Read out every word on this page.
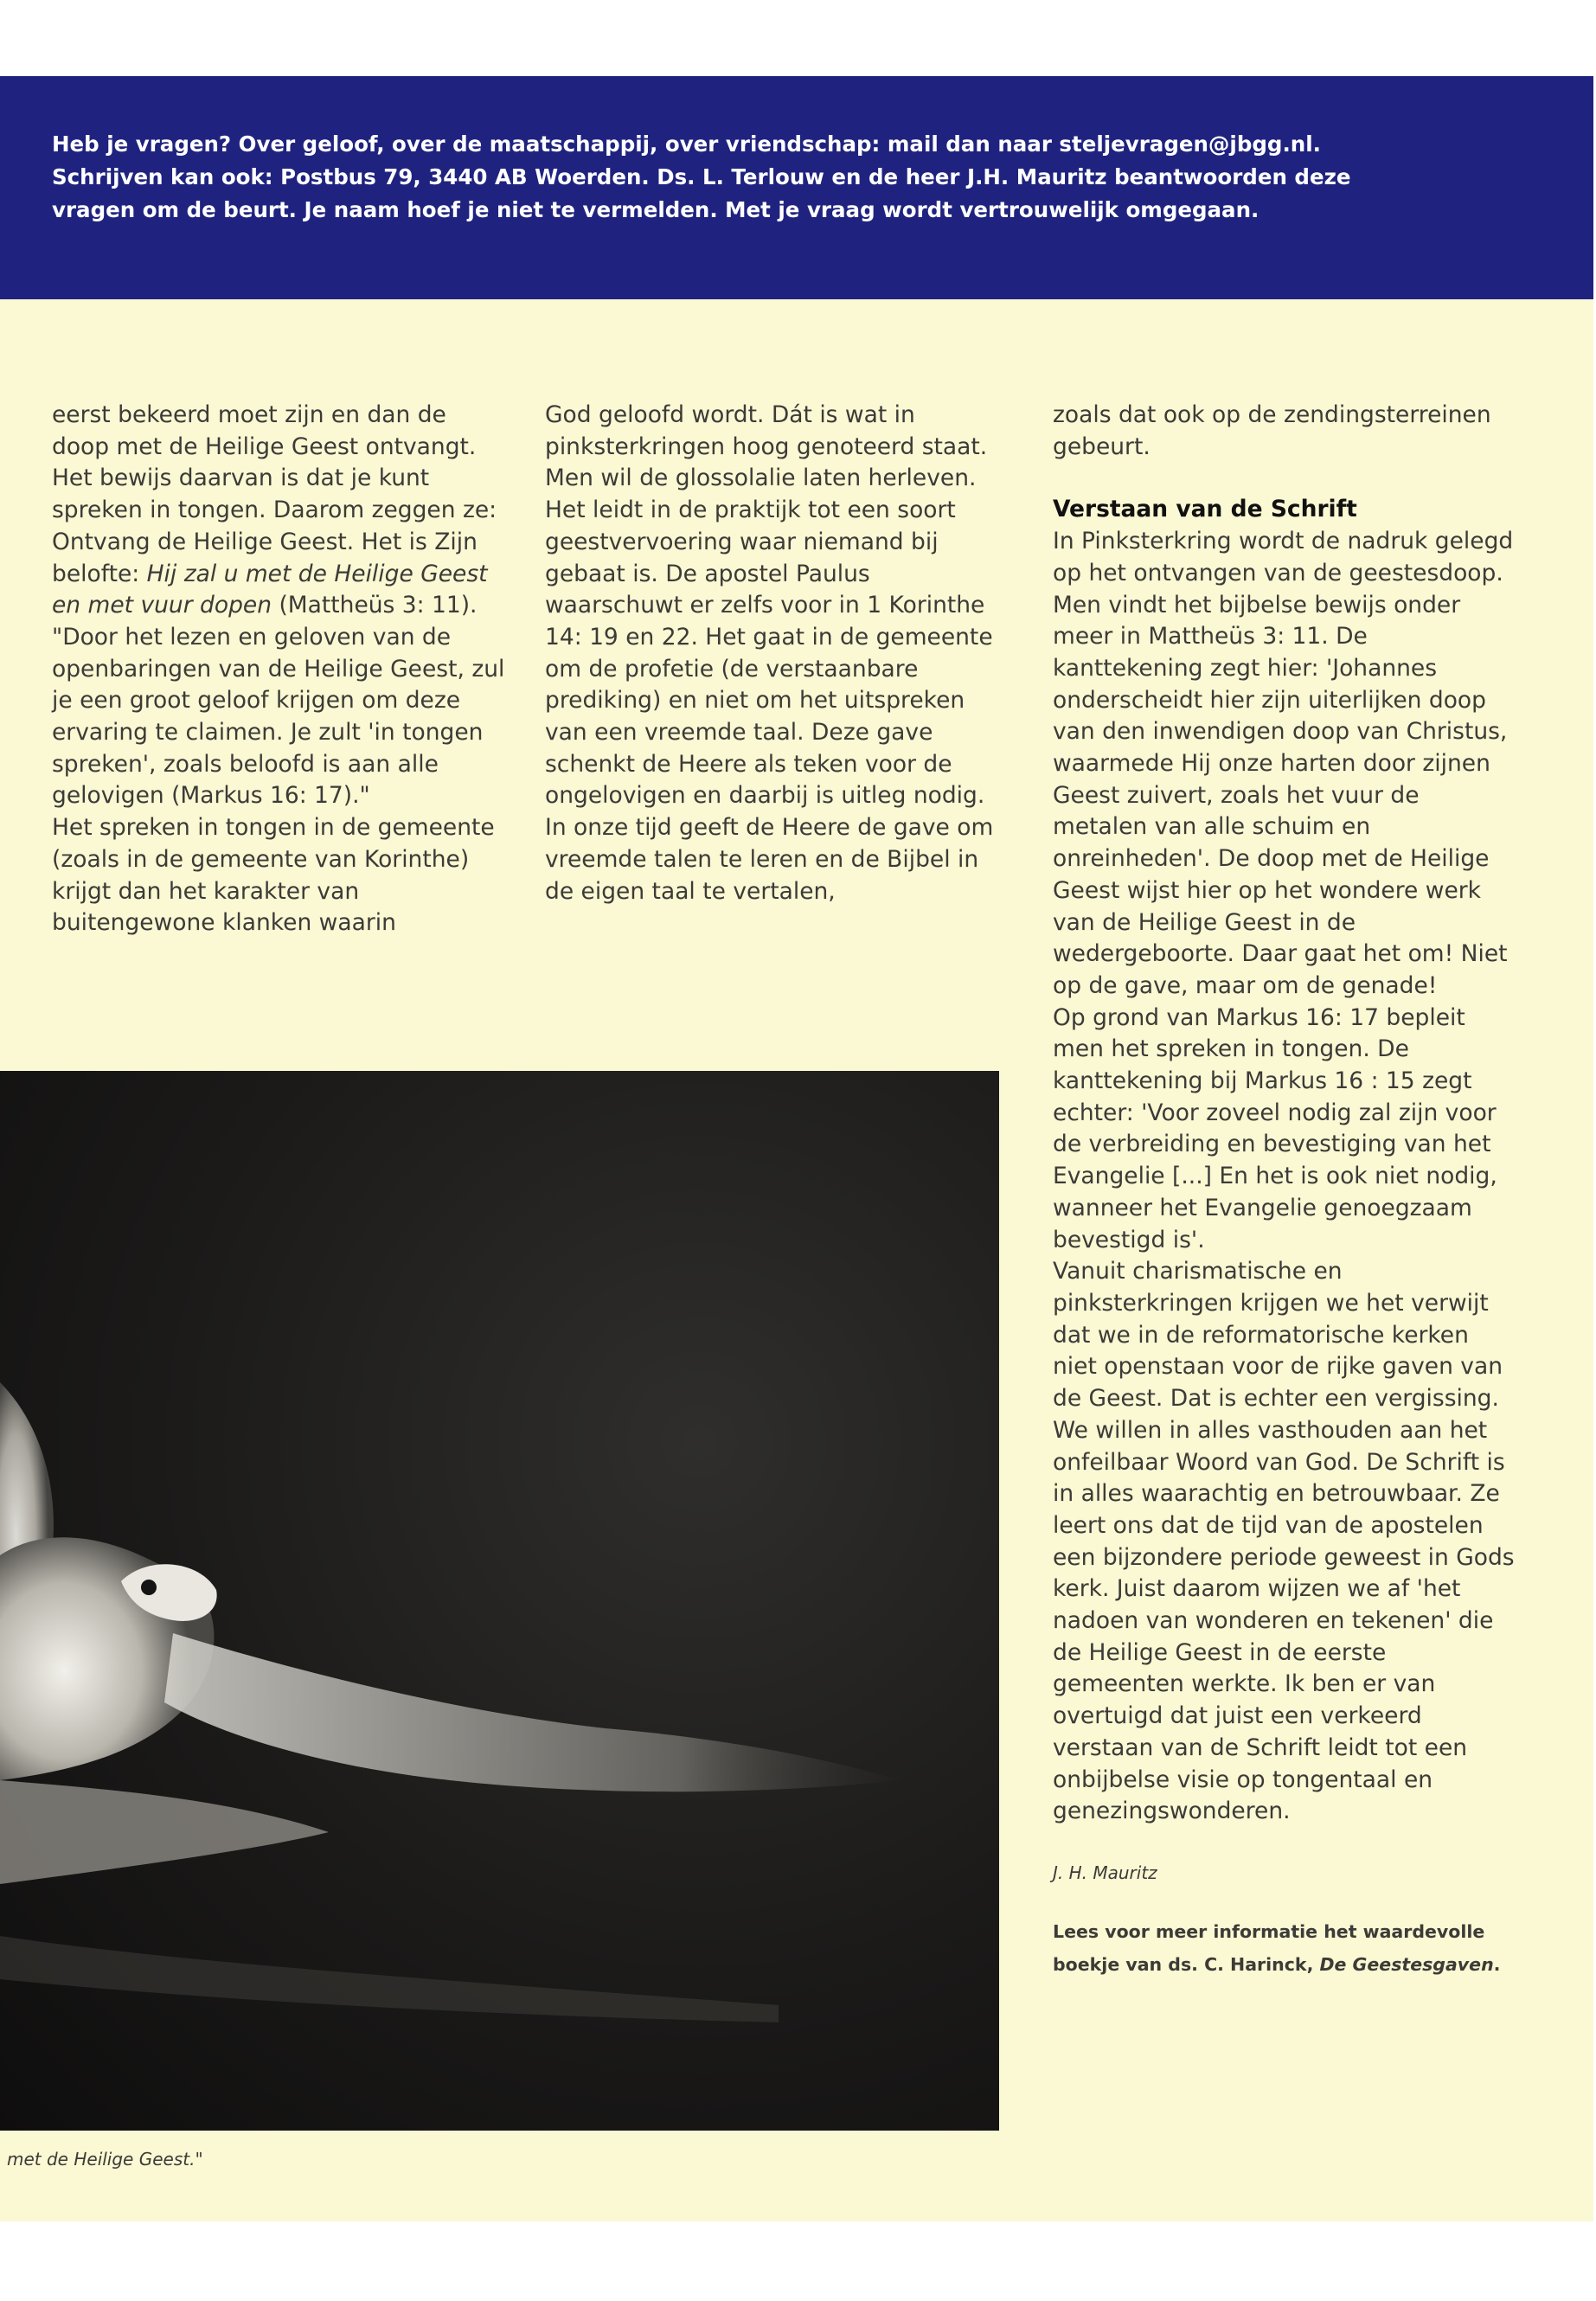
Heb je vragen? Over geloof, over de maatschappij, over vriendschap: mail dan naar steljevragen@jbgg.nl. Schrijven kan ook: Postbus 79, 3440 AB Woerden. Ds. L. Terlouw en de heer J.H. Mauritz beantwoorden deze vragen om de beurt. Je naam hoef je niet te vermelden. Met je vraag wordt vertrouwelijk omgegaan.

eerst bekeerd moet zijn en dan de doop met de Heilige Geest ontvangt. Het bewijs daarvan is dat je kunt spreken in tongen. Daarom zeggen ze: Ontvang de Heilige Geest. Het is Zijn belofte: Hij zal u met de Heilige Geest en met vuur dopen (Mattheüs 3: 11). "Door het lezen en geloven van de openbaringen van de Heilige Geest, zul je een groot geloof krijgen om deze ervaring te claimen. Je zult 'in tongen spreken', zoals beloofd is aan alle gelovigen (Markus 16: 17)."

Het spreken in tongen in de gemeente (zoals in de gemeente van Korinthe) krijgt dan het karakter van buitengewone klanken waarin

God geloofd wordt. Dát is wat in pinksterkringen hoog genoteerd staat. Men wil de glossolalie laten herleven. Het leidt in de praktijk tot een soort geestvervoering waar niemand bij gebaat is. De apostel Paulus waarschuwt er zelfs voor in 1 Korinthe 14: 19 en 22. Het gaat in de gemeente om de profetie (de verstaanbare prediking) en niet om het uitspreken van een vreemde taal. Deze gave schenkt de Heere als teken voor de ongelovigen en daarbij is uitleg nodig.

In onze tijd geeft de Heere de gave om vreemde talen te leren en de Bijbel in de eigen taal te vertalen,

zoals dat ook op de zendingsterreinen gebeurt.

Verstaan van de Schrift

In Pinksterkring wordt de nadruk gelegd op het ontvangen van de geestesdoop. Men vindt het bijbelse bewijs onder meer in Mattheüs 3: 11. De kanttekening zegt hier: 'Johannes onderscheidt hier zijn uiterlijken doop van den inwendigen doop van Christus, waarmede Hij onze harten door zijnen Geest zuivert, zoals het vuur de metalen van alle schuim en onreinheden'. De doop met de Heilige Geest wijst hier op het wondere werk van de Heilige Geest in de wedergeboorte. Daar gaat het om! Niet op de gave, maar om de genade!

Op grond van Markus 16: 17 bepleit men het spreken in tongen. De kanttekening bij Markus 16 : 15 zegt echter: 'Voor zoveel nodig zal zijn voor de verbreiding en bevestiging van het Evangelie [...] En het is ook niet nodig, wanneer het Evangelie genoegzaam bevestigd is'.

Vanuit charismatische en pinksterkringen krijgen we het verwijt dat we in de reformatorische kerken niet openstaan voor de rijke gaven van de Geest. Dat is echter een vergissing. We willen in alles vasthouden aan het onfeilbaar Woord van God. De Schrift is in alles waarachtig en betrouwbaar. Ze leert ons dat de tijd van de apostelen een bijzondere periode geweest in Gods kerk. Juist daarom wijzen we af 'het nadoen van wonderen en tekenen' die de Heilige Geest in de eerste gemeenten werkte. Ik ben er van overtuigd dat juist een verkeerd verstaan van de Schrift leidt tot een onbijbelse visie op tongentaal en genezingswonderen.

J. H. Mauritz

Lees voor meer informatie het waardevolle boekje van ds. C. Harinck, De Geestesgaven.

met de Heilige Geest."
